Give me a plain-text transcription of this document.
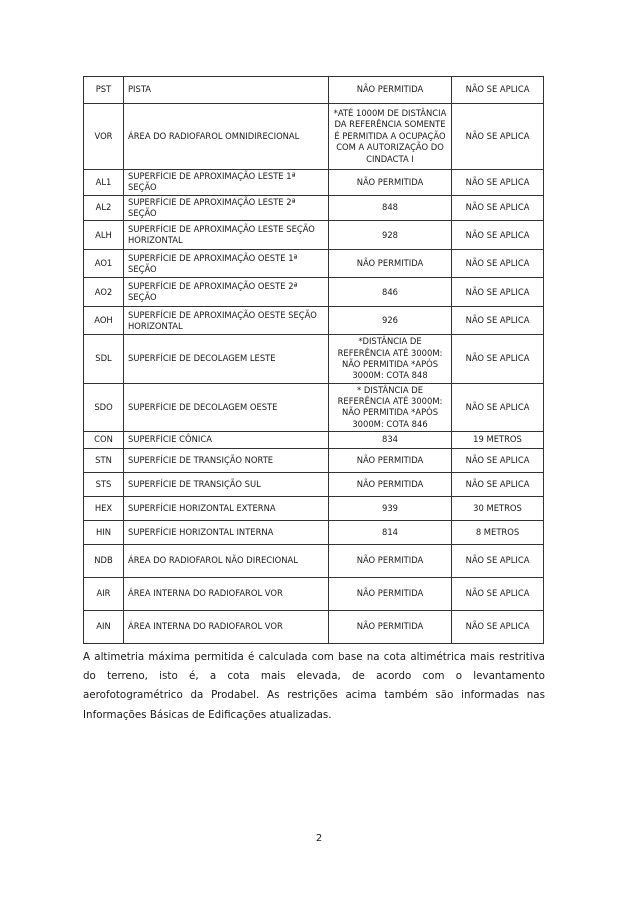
PST	PISTA	NÃO PERMITIDA	NÃO SE APLICA
VOR	ÁREA DO RADIOFAROL OMNIDIRECIONAL	*ATÉ 1000M DE DISTÂNCIA DA REFERÊNCIA SOMENTE É PERMITIDA A OCUPAÇÃO COM A AUTORIZAÇÃO DO CINDACTA I	NÃO SE APLICA
AL1	SUPERFÍCIE DE APROXIMAÇÃO LESTE 1ª SEÇÃO	NÃO PERMITIDA	NÃO SE APLICA
AL2	SUPERFÍCIE DE APROXIMAÇÃO LESTE 2ª SEÇÃO	848	NÃO SE APLICA
ALH	SUPERFÍCIE DE APROXIMAÇÃO LESTE SEÇÃO HORIZONTAL	928	NÃO SE APLICA
AO1	SUPERFÍCIE DE APROXIMAÇÃO OESTE 1ª SEÇÃO	NÃO PERMITIDA	NÃO SE APLICA
AO2	SUPERFÍCIE DE APROXIMAÇÃO OESTE 2ª SEÇÃO	846	NÃO SE APLICA
AOH	SUPERFÍCIE DE APROXIMAÇÃO OESTE SEÇÃO HORIZONTAL	926	NÃO SE APLICA
SDL	SUPERFÍCIE DE DECOLAGEM LESTE	*DISTÂNCIA DE REFERÊNCIA ATÉ 3000M: NÃO PERMITIDA *APÓS 3000M: COTA 848	NÃO SE APLICA
SDO	SUPERFÍCIE DE DECOLAGEM OESTE	* DISTÂNCIA DE REFERÊNCIA ATÉ 3000M: NÃO PERMITIDA *APÓS 3000M: COTA 846	NÃO SE APLICA
CON	SUPERFÍCIE CÔNICA	834	19 METROS
STN	SUPERFÍCIE DE TRANSIÇÃO NORTE	NÃO PERMITIDA	NÃO SE APLICA
STS	SUPERFÍCIE DE TRANSIÇÃO SUL	NÃO PERMITIDA	NÃO SE APLICA
HEX	SUPERFÍCIE HORIZONTAL EXTERNA	939	30 METROS
HIN	SUPERFÍCIE HORIZONTAL INTERNA	814	8 METROS
NDB	ÁREA DO RADIOFAROL NÃO DIRECIONAL	NÃO PERMITIDA	NÃO SE APLICA
AIR	ÁREA INTERNA DO RADIOFAROL VOR	NÃO PERMITIDA	NÃO SE APLICA
AIN	ÁREA INTERNA DO RADIOFAROL VOR	NÃO PERMITIDA	NÃO SE APLICA

A altimetria máxima permitida é calculada com base na cota altimétrica mais restritiva do terreno, isto é, a cota mais elevada, de acordo com o levantamento aerofotogramétrico da Prodabel. As restrições acima também são informadas nas Informações Básicas de Edificações atualizadas.

2
